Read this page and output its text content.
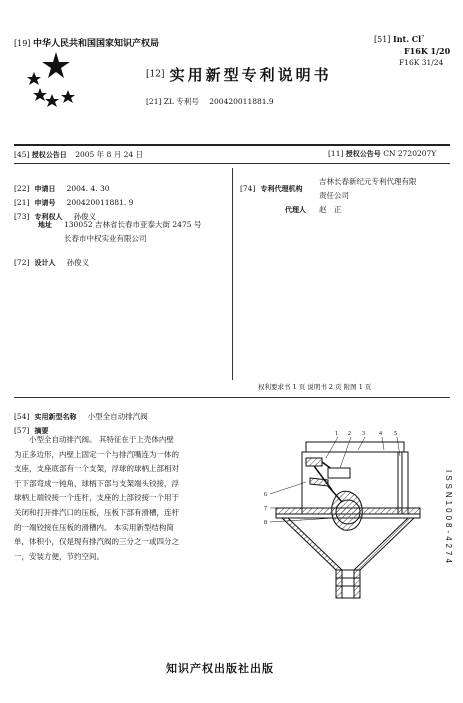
[19] 中华人民共和国国家知识产权局	[51] Int. Cl$^7$
F16K 1/20
F16K 31/24
[12] 实用新型专利说明书
[21] ZL 专利号 200420011881.9
[45] 授权公告日 2005 年 8 月 24 日	[11] 授权公告号 CN 2720207Y
[22] 申请日 2004. 4. 30
[21] 申请号 200420011881. 9
[73] 专利权人 孙俊义
地址 130052 吉林省长春市亚泰大街 2475 号
长春市中权实业有限公司
[72] 设计人 孙俊义
[74] 专利代理机构
吉林长春新纪元专利代理有限
责任公司
代理人 赵　正
权利要求书 1 页 说明书 2 页 附图 1 页
[54] 实用新型名称 小型全自动排汽阀
[57] 摘要

小型全自动排汽阀。 其特征在于上壳体内壁

为正多边形，内壁上固定一个与排汽嘴连为一体的

支座，支座底部有一个支架，浮球的球柄上部相对

于下部弯成一钝角，球柄下部与支架端头铰接，浮

球柄上端铰接一个连杆，支座的上部铰接一个用于

关闭和打开排汽口的压板，压板下部有滑槽，连杆

的一端铰接在压板的滑槽内。 本实用新型结构简

单，体积小，仅是现有排汽阀的三分之一或四分之

一，安装方便，节约空间。

1 2 3 4 5
6
7
8	ISSN1008-4274
知识产权出版社出版
